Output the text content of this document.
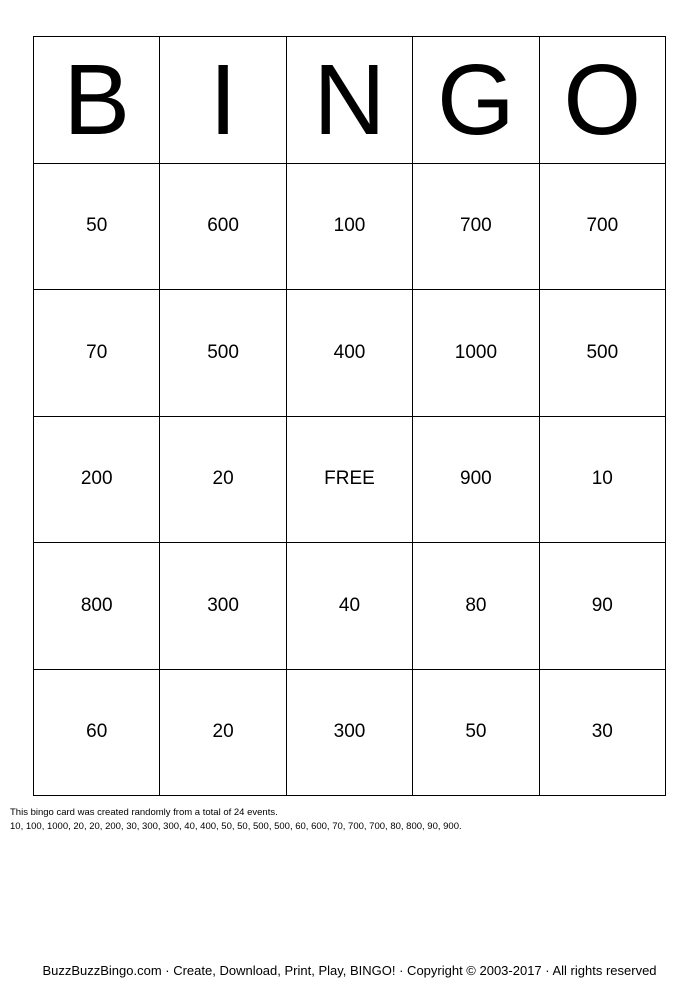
B I N G O
50	600	100	700	700
70	500	400	1000	500
200	20	FREE	900	10
800	300	40	80	90
60	20	300	50	30
This bingo card was created randomly from a total of 24 events.
10, 100, 1000, 20, 20, 200, 30, 300, 300, 40, 400, 50, 50, 500, 500, 60, 600, 70, 700, 700, 80, 800, 90, 900.
BuzzBuzzBingo.com · Create, Download, Print, Play, BINGO! · Copyright © 2003-2017 · All rights reserved
